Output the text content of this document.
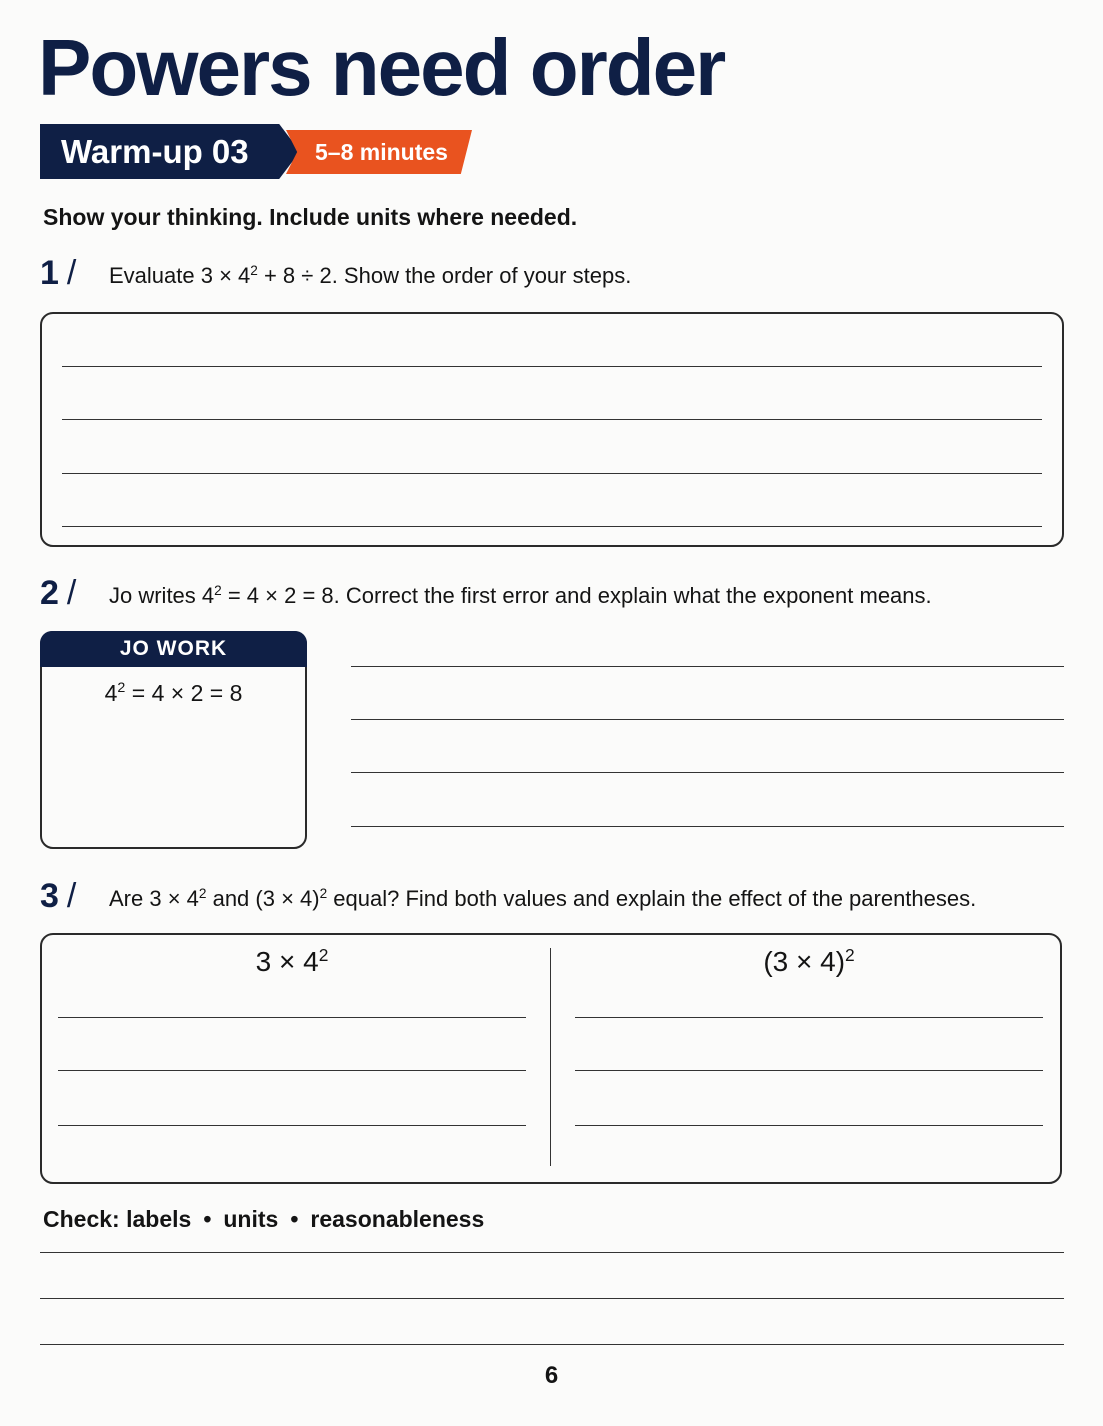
Powers need order
Warm-up 03	5–8 minutes
Show your thinking. Include units where needed.
1 / Evaluate $3 \times 4^2 + 8 \div 2$. Show the order of your steps.
2 / Jo writes $4^2 = 4 \times 2 = 8$. Correct the first error and explain what the exponent means.
JO WORK
$4^2 = 4 \times 2 = 8$
3 / Are $3 \times 4^2$ and $(3 \times 4)^2$ equal? Find both values and explain the effect of the parentheses.
$3 \times 4^2$	$(3 \times 4)^2$
Check: labels • units • reasonableness
6
